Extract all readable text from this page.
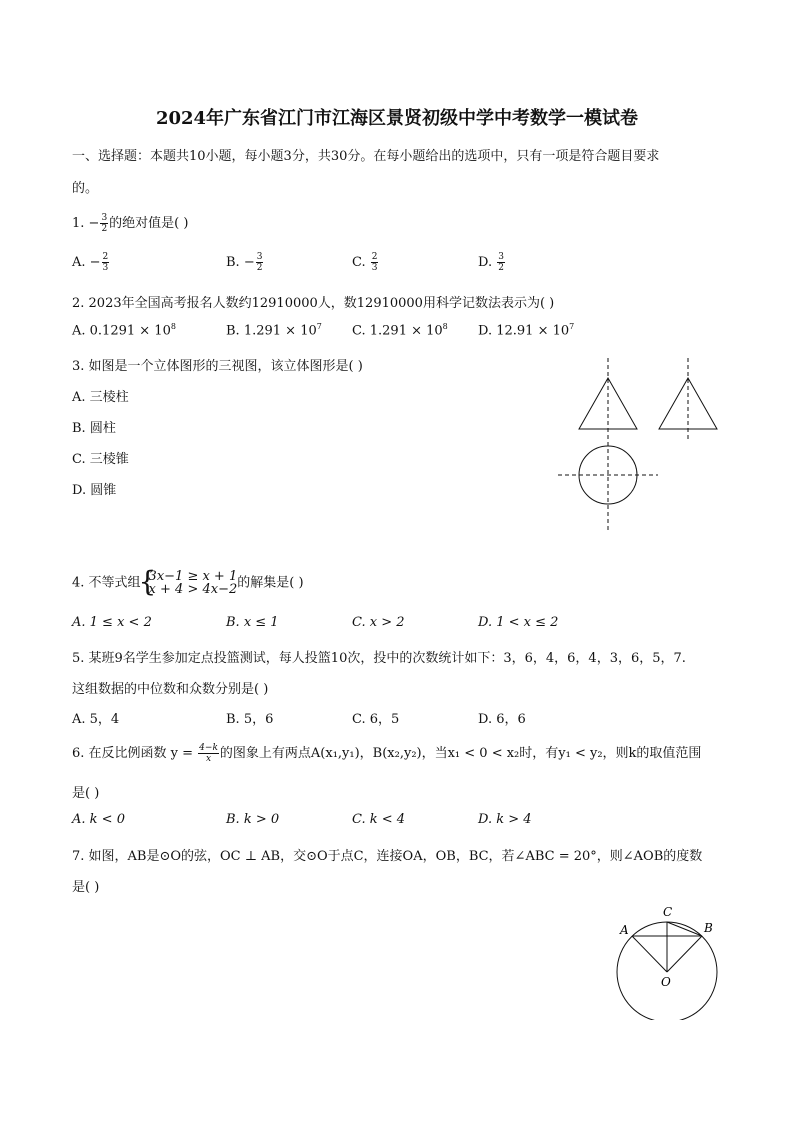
2024年广东省江门市江海区景贤初级中学中考数学一模试卷
一、选择题：本题共10小题，每小题3分，共30分。在每小题给出的选项中，只有一项是符合题目要求
的。
1. − $\frac{3}{2}$ 的绝对值是( )
A. − $\frac{2}{3}$	B. − $\frac{3}{2}$	C. $\frac{2}{3}$	D. $\frac{3}{2}$
2. 2023年全国高考报名人数约12910000人，数12910000用科学记数法表示为( )
A. $0.1291 \times 10^8$	B. $1.291 \times 10^7$ C. $1.291 \times 10^8$ D. $12.91 \times 10^7$
3. 如图是一个立体图形的三视图，该立体图形是( )
A. 三棱柱
B. 圆柱
C. 三棱锥
D. 圆锥
4. 不等式组
{ 3x−1 ≥ x + 1
x + 4 > 4x−2 的解集是( )
A. 1 ≤ x < 2	B. x ≤ 1	C. x > 2	D. 1 < x ≤ 2
5. 某班9名学生参加定点投篮测试，每人投篮10次，投中的次数统计如下：3，6，4，6，4，3，6，5，7.
这组数据的中位数和众数分别是( )
A. 5，4	B. 5，6	C. 6，5	D. 6，6
6. 在反比例函数 $y = \frac{4-k}{x}$ 的图象上有两点A(x₁,y₁)，B(x₂,y₂)，当x₁ < 0 < x₂时，有y₁ < y₂，则k的取值范围
是( )
A. k < 0	B. k > 0	C. k < 4	D. k > 4
7. 如图，AB是⊙O的弦，OC ⊥ AB，交⊙O于点C，连接OA，OB，BC，若∠ABC = 20°，则∠AOB的度数
是( )
A	B
C
O
